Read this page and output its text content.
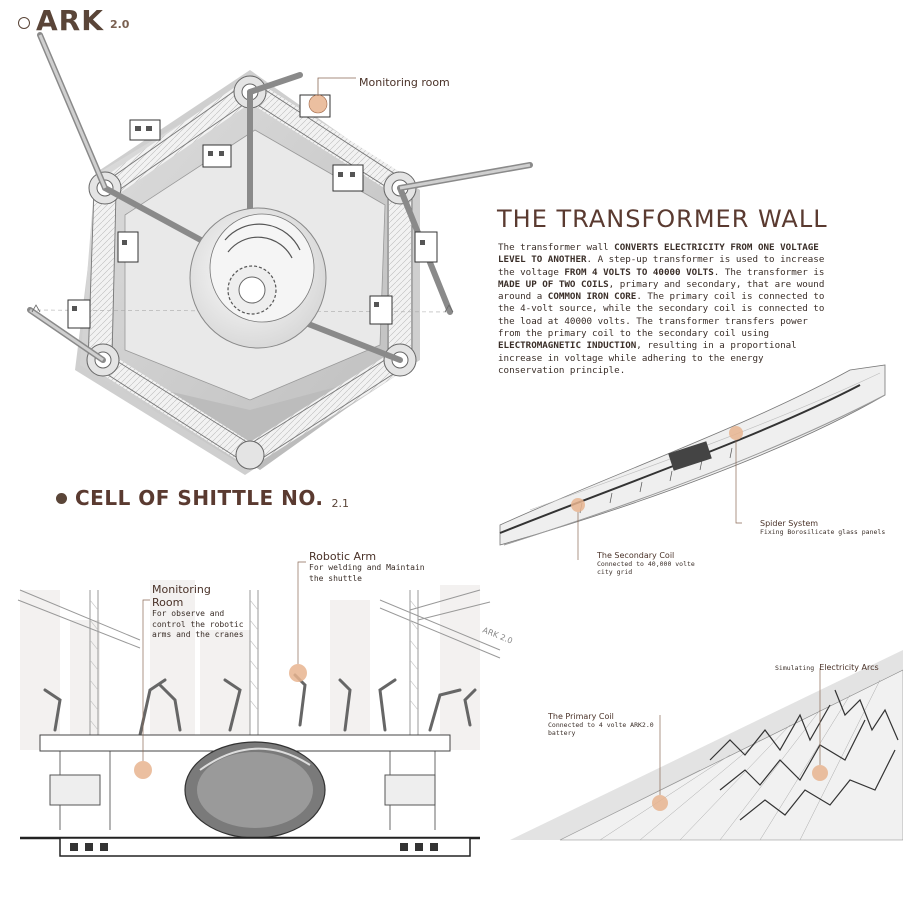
ARK 2.0
Monitoring room
THE TRANSFORMER WALL
The transformer wall CONVERTS ELECTRICITY FROM ONE VOLTAGE LEVEL TO ANOTHER. A step-up transformer is used to increase the voltage FROM 4 VOLTS TO 40000 VOLTS. The transformer is MADE UP OF TWO COILS, primary and secondary, that are wound around a COMMON IRON CORE. The primary coil is connected to the 4-volt source, while the secondary coil is connected to the load at 40000 volts. The transformer transfers power from the primary coil to the secondary coil using ELECTROMAGNETIC INDUCTION, resulting in a proportional increase in voltage while adhering to the energy conservation principle.
CELL OF SHITTLE NO. 2.1
Spider System
Fixing Borosilicate glass panels
The Secondary Coil
Connected to 40,000 volte city grid
ARK 2.0
Robotic Arm
For welding and Maintain the shuttle
Monitoring Room
For observe and control the robotic arms and the cranes
Simulating Electricity Arcs
The Primary Coil
Connected to 4 volte ARK2.0 battery
